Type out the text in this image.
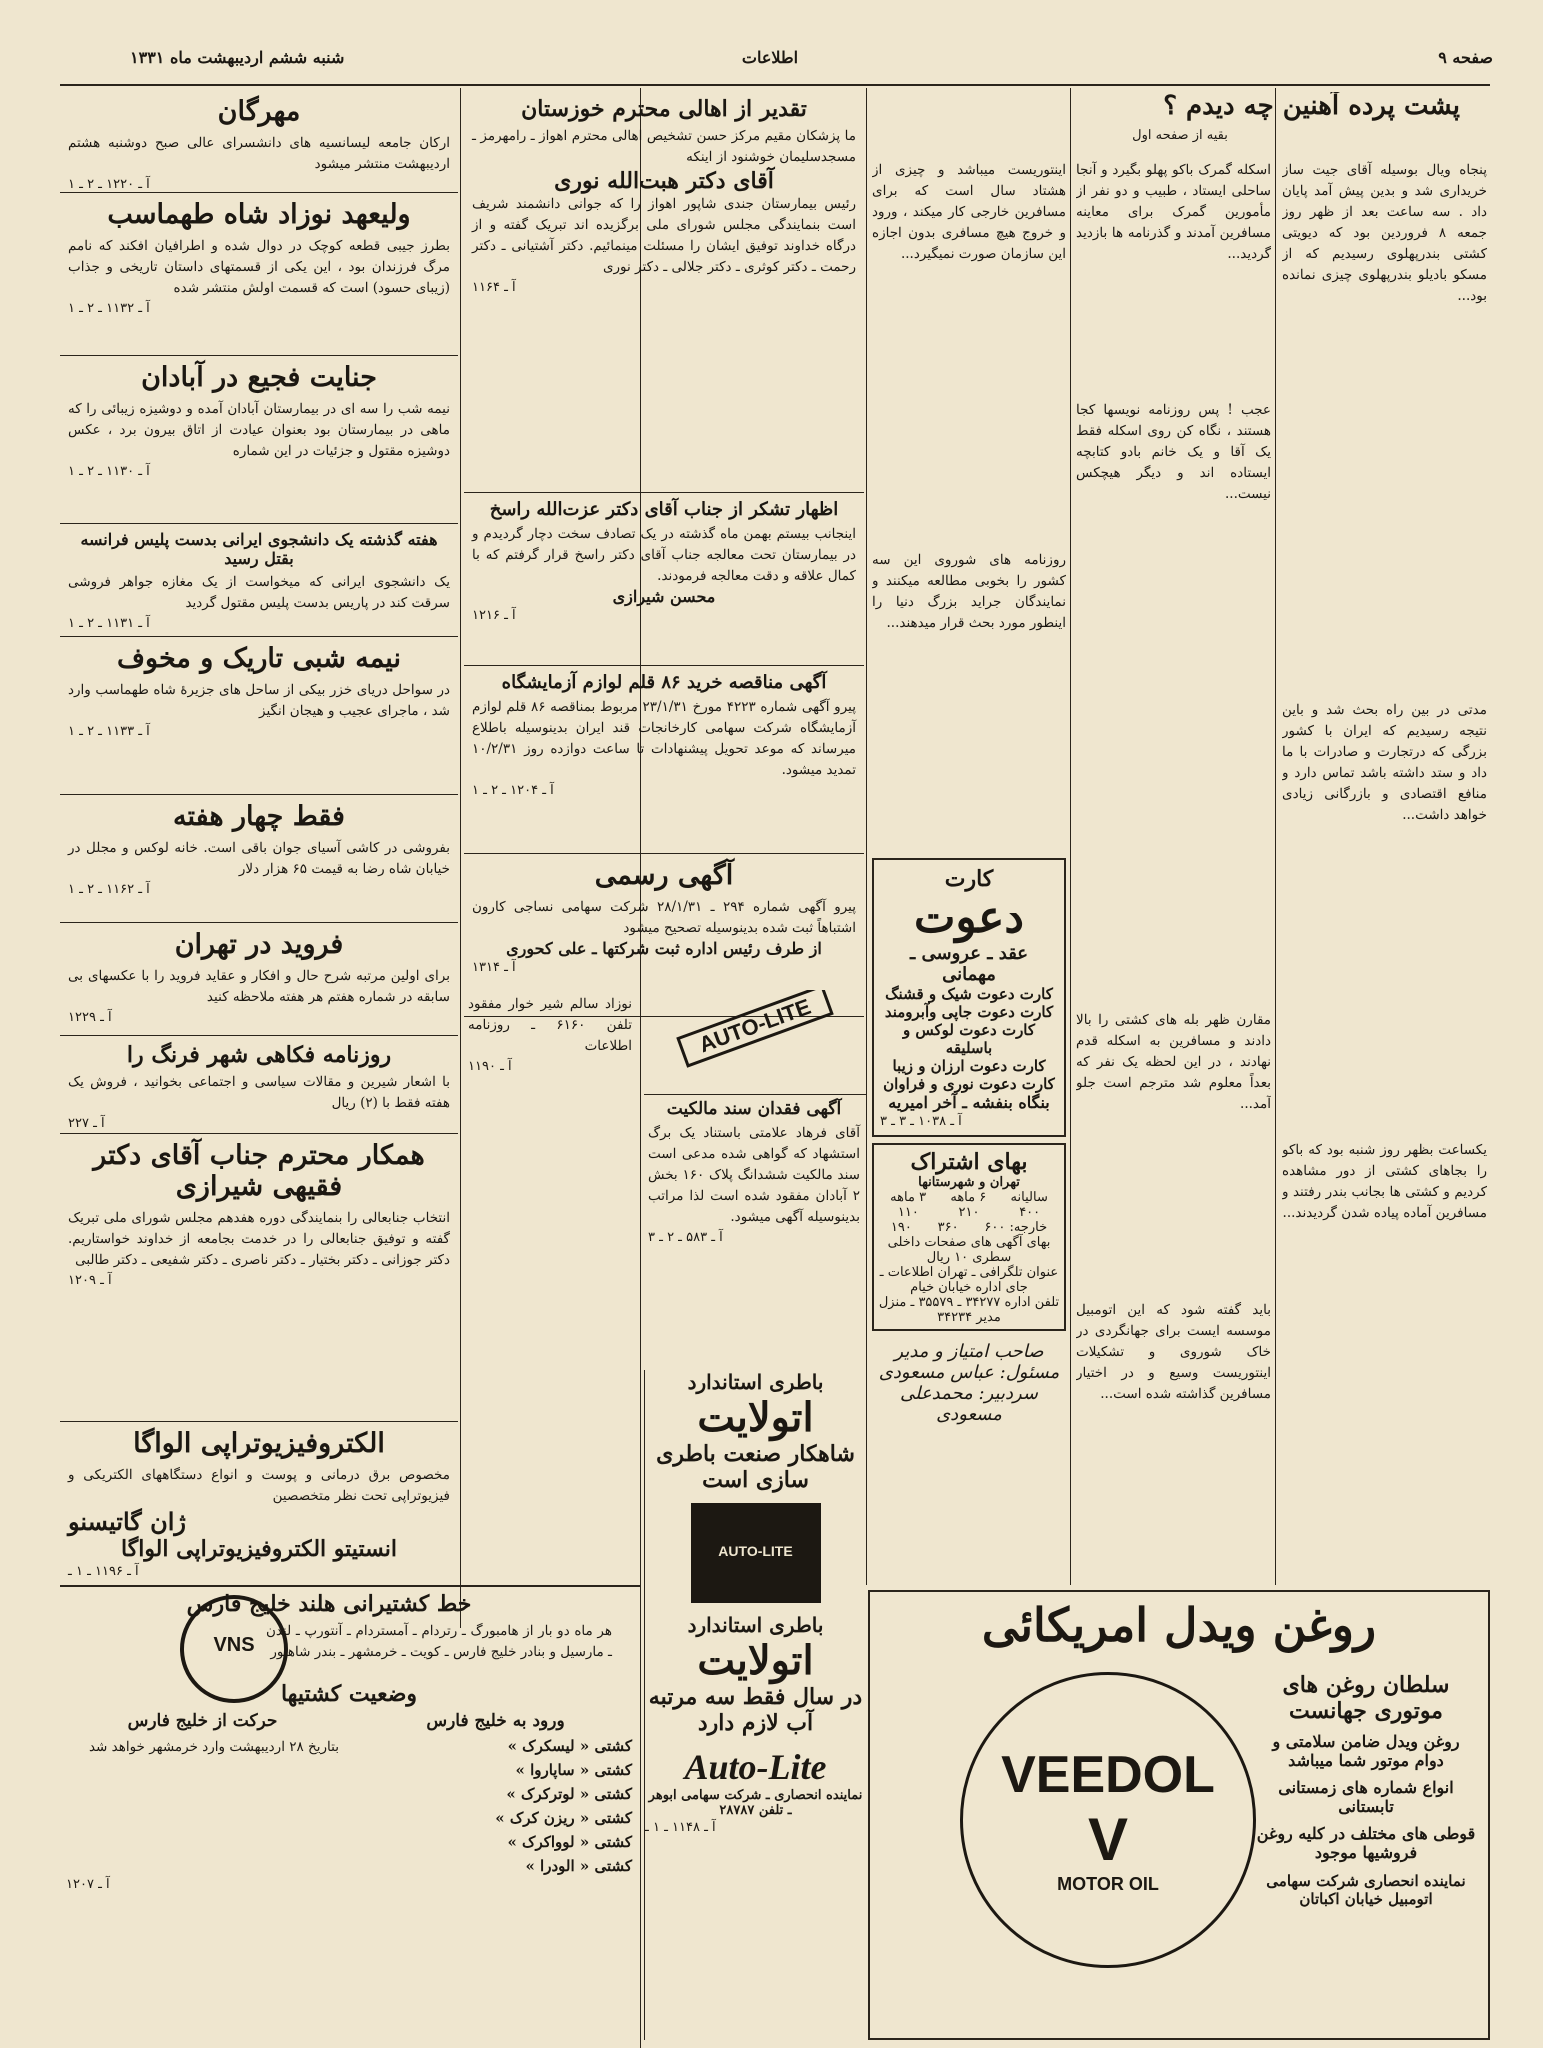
صفحه ۹
اطلاعات
شنبه ششم اردیبهشت ماه ۱۳۳۱
پشت پرده آهنین چه دیدم ؟
بقیه از صفحه اول

پنجاه ویال بوسیله آقای جیت ساز خریداری شد و بدین پیش آمد پایان داد . سه ساعت بعد از ظهر روز جمعه ۸ فروردین بود که دیویتی کشتی بندرپهلوی رسیدیم که از مسکو بادیلو بندرپهلوی چیزی نمانده بود...

مدتی در بین راه بحث شد و باین نتیجه رسیدیم که ایران با کشور بزرگی که درتجارت و صادرات با ما داد و ستد داشته باشد تماس دارد و منافع اقتصادی و بازرگانی زیادی خواهد داشت...

یکساعت بظهر روز شنبه بود که باکو را بجاهای کشتی از دور مشاهده کردیم و کشتی ها بجانب بندر رفتند و مسافرین آماده پیاده شدن گردیدند...

اسکله گمرک باکو پهلو بگیرد و آنجا ساحلی ایستاد ، طبیب و دو نفر از مأمورین گمرک برای معاینه مسافرین آمدند و گذرنامه ها بازدید گردید...

عجب ! پس روزنامه نویسها کجا هستند ، نگاه کن روی اسکله فقط یک آقا و یک خانم بادو کتابچه ایستاده اند و دیگر هیچکس نیست...

مقارن ظهر بله های کشتی را بالا دادند و مسافرین به اسکله قدم نهادند ، در این لحظه یک نفر که بعداً معلوم شد مترجم است جلو آمد...

باید گفته شود که این اتومبیل موسسه ایست برای جهانگردی در خاک شوروی و تشکیلات اینتوریست وسیع و در اختیار مسافرین گذاشته شده است...

اینتوریست میباشد و چیزی از هشتاد سال است که برای مسافرین خارجی کار میکند ، ورود و خروج هیچ مسافری بدون اجازه این سازمان صورت نمیگیرد...

روزنامه های شوروی این سه کشور را بخوبی مطالعه میکنند و نمایندگان جراید بزرگ دنیا را اینطور مورد بحث قرار میدهند...

کارت
دعوت
عقد ـ عروسی ـ مهمانی
کارت دعوت شیک و قشنگ
کارت دعوت جاپی وآبرومند
کارت دعوت لوکس و باسلیقه
کارت دعوت ارزان و زیبا
کارت دعوت نوری و فراوان
بنگاه بنفشه ـ آخر امیریه
آ ـ ۱۰۳۸ ـ ۳ ـ ۳
بهای اشتراک
تهران و شهرستانها
ساليانه
۶ ماهه
۳ ماهه
۴۰۰
۲۱۰
۱۱۰
خارجه: ۶۰۰
۳۶۰
۱۹۰
بهای آگهی های صفحات داخلی سطری ۱۰ ریال
عنوان تلگرافی ـ تهران اطلاعات ـ جای اداره خیابان خیام
تلفن اداره ۳۴۲۷۷ ـ ۳۵۵۷۹ ـ منزل مدیر ۳۴۲۳۴
صاحب امتیاز و مدیر مسئول: عباس مسعودی
سردبیر: محمدعلی مسعودی
تقدیر از اهالی محترم خوزستان

ما پزشکان مقیم مرکز حسن تشخیص اهالی محترم اهواز ـ رامهرمز ـ مسجدسلیمان خوشنود از اینکه

آقای دکتر هبت‌الله نوری

رئیس بیمارستان جندی شاپور اهواز را که جوانی دانشمند شریف است بنمایندگی مجلس شورای ملی برگزیده اند تبریک گفته و از درگاه خداوند توفیق ایشان را مسئلت مینمائیم. دکتر آشتیانی ـ دکتر رحمت ـ دکتر کوثری ـ دکتر جلالی ـ دکتر نوری

آ ـ ۱۱۶۴
اظهار تشکر از جناب آقای دکتر عزت‌الله راسخ

اینجانب بیستم بهمن ماه گذشته در یک تصادف سخت دچار گردیدم و در بیمارستان تحت معالجه جناب آقای دکتر راسخ قرار گرفتم که با کمال علاقه و دقت معالجه فرمودند.

محسن شیرازی
آ ـ ۱۲۱۶
آگهی مناقصه خرید ۸۶ قلم لوازم آزمایشگاه

پیرو آگهی شماره ۴۲۲۳ مورخ ۲۳/۱/۳۱ مربوط بمناقصه ۸۶ قلم لوازم آزمایشگاه شرکت سهامی کارخانجات قند ایران بدینوسیله باطلاع میرساند که موعد تحویل پیشنهادات تا ساعت دوازده روز ۱۰/۲/۳۱ تمدید میشود.

آ ـ ۱۲۰۴ ـ ۲ ـ ۱
آگهی رسمی

پیرو آگهی شماره ۲۹۴ ـ ۲۸/۱/۳۱ شرکت سهامی نساجی کارون اشتباهاً ثبت شده بدینوسیله تصحیح میشود

از طرف رئیس اداره ثبت شرکتها ـ علی کحوری
آ ـ ۱۳۱۴

نوزاد سالم شیر خوار مفقود تلفن ۶۱۶۰ ـ روزنامه اطلاعات

آ ـ ۱۱۹۰
آگهی فقدان سند مالکیت

آقای فرهاد علامتی باستناد یک برگ استشهاد که گواهی شده مدعی است سند مالکیت ششدانگ پلاک ۱۶۰ بخش ۲ آبادان مفقود شده است لذا مراتب بدینوسیله آگهی میشود.

آ ـ ۵۸۳ ـ ۲ ـ ۳
AUTO-LITE
باطری استاندارد
اتولایت
شاهکار صنعت باطری سازی است
AUTO-LITE
باطری استاندارد
اتولایت
در سال فقط سه مرتبه آب لازم دارد
Auto-Lite
نماینده انحصاری ـ شرکت سهامی ابوهر ـ تلفن ۲۸۷۸۷
آ ـ ۱۱۴۸ ـ ۱ ـ
مهرگان

ارکان جامعه لیسانسیه های دانشسرای عالی صبح دوشنبه هشتم اردیبهشت منتشر میشود

آ ـ ۱۲۲۰ ـ ۲ ـ ۱
ولیعهد نوزاد شاه طهماسب

بطرز جیبی قطعه کوچک در دوال شده و اطرافیان افکند که نامم مرگ فرزندان بود ، این یکی از قسمتهای داستان تاریخی و جذاب (زیبای حسود) است که قسمت اولش منتشر شده

آ ـ ۱۱۳۲ ـ ۲ ـ ۱
جنایت فجیع در آبادان

نیمه شب را سه ای در بیمارستان آبادان آمده و دوشیزه زیبائی را که ماهی در بیمارستان بود بعنوان عیادت از اتاق بیرون برد ، عکس دوشیزه مقتول و جزئیات در این شماره

آ ـ ۱۱۳۰ ـ ۲ ـ ۱
هفته گذشته یک دانشجوی ایرانی بدست پلیس فرانسه بقتل رسید

یک دانشجوی ایرانی که میخواست از یک مغازه جواهر فروشی سرقت کند در پاریس بدست پلیس مقتول گردید

آ ـ ۱۱۳۱ ـ ۲ ـ ۱
نیمه شبی تاریک و مخوف

در سواحل دریای خزر بیکی از ساحل های جزیرۀ شاه طهماسب وارد شد ، ماجرای عجیب و هیجان انگیز

آ ـ ۱۱۳۳ ـ ۲ ـ ۱
فقط چهار هفته

بفروشی در کاشی آسیای جوان باقی است. خانه لوکس و مجلل در خیابان شاه رضا به قیمت ۶۵ هزار دلار

آ ـ ۱۱۶۲ ـ ۲ ـ ۱
فروید در تهران

برای اولین مرتبه شرح حال و افکار و عقاید فروید را با عکسهای بی سابقه در شماره هفتم هر هفته ملاحظه کنید

آ ـ ۱۲۲۹
روزنامه فکاهی شهر فرنگ را

با اشعار شیرین و مقالات سیاسی و اجتماعی بخوانید ، فروش یک هفته فقط با (۲) ریال

آ ـ ۲۲۷
همکار محترم جناب آقای دکتر فقیهی شیرازی

انتخاب جنابعالی را بنمایندگی دوره هفدهم مجلس شورای ملی تبریک گفته و توفیق جنابعالی را در خدمت بجامعه از خداوند خواستاریم. دکتر جوزانی ـ دکتر بختیار ـ دکتر ناصری ـ دکتر شفیعی ـ دکتر طالبی

آ ـ ۱۲۰۹
الکتروفیزیوتراپی الواگا

مخصوص برق درمانی و پوست و انواع دستگاههای الکتریکی و فیزیوتراپی تحت نظر متخصصین

ژان گاتیسنو
انستیتو الکتروفیزیوتراپی الواگا
آ ـ ۱۱۹۶ ـ ۱ ـ
VNS
خط کشتیرانی هلند خلیج فارس

هر ماه دو بار از هامبورگ ـ رتردام ـ آمستردام ـ آنتورپ ـ لندن ـ مارسیل و بنادر خلیج فارس ـ کویت ـ خرمشهر ـ بندر شاهپور

وضعیت کشتیها
ورود به خلیج فارس
کشتی « لیسکرک »
کشتی « ساپاروا »
کشتی « لوترکرک »
کشتی « ریزن کرک »
کشتی « لوواکرک »
کشتی « الودرا »
حرکت از خلیج فارس

بتاریخ ۲۸ اردیبهشت وارد خرمشهر خواهد شد

آ ـ ۱۲۰۷
روغن ویدل امریکائی
سلطان روغن های موتوری جهانست
روغن ویدل ضامن سلامتی و دوام موتور شما میباشد
انواع شماره های زمستانی تابستانی
قوطی های مختلف در کلیه روغن فروشیها موجود
نماینده انحصاری شرکت سهامی اتومبیل خیابان اکباتان
VEEDOL
V
MOTOR OIL
